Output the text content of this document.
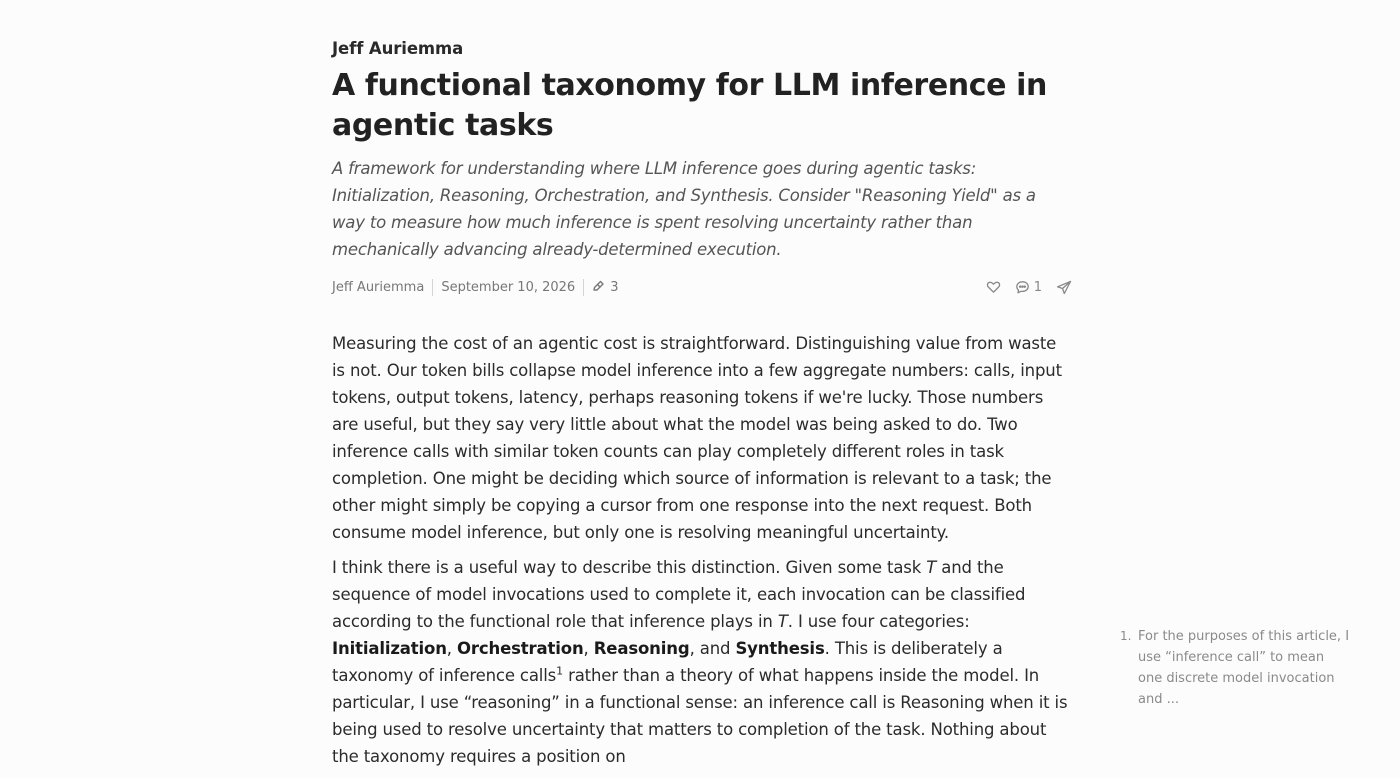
Jeff Auriemma
A functional taxonomy for LLM inference in agentic tasks
A framework for understanding where LLM inference goes during agentic tasks: Initialization, Reasoning, Orchestration, and Synthesis. Consider "Reasoning Yield" as a way to measure how much inference is spent resolving uncertainty rather than mechanically advancing already-determined execution.
Jeff Auriemma September 10, 2026	3	1

Measuring the cost of an agentic cost is straightforward. Distinguishing value from waste is not. Our token bills collapse model inference into a few aggregate numbers: calls, input tokens, output tokens, latency, perhaps reasoning tokens if we're lucky. Those numbers are useful, but they say very little about what the model was being asked to do. Two inference calls with similar token counts can play completely different roles in task completion. One might be deciding which source of information is relevant to a task; the other might simply be copying a cursor from one response into the next request. Both consume model inference, but only one is resolving meaningful uncertainty.

I think there is a useful way to describe this distinction. Given some task T and the sequence of model invocations used to complete it, each invocation can be classified according to the functional role that inference plays in T. I use four categories: Initialization, Orchestration, Reasoning, and Synthesis. This is deliberately a taxonomy of inference calls$^1$ rather than a theory of what happens inside the model. In particular, I use “reasoning” in a functional sense: an inference call is Reasoning when it is being used to resolve uncertainty that matters to completion of the task. Nothing about the taxonomy requires a position on

1. For the purposes of this article, I use “inference call” to mean one discrete model invocation and ...
